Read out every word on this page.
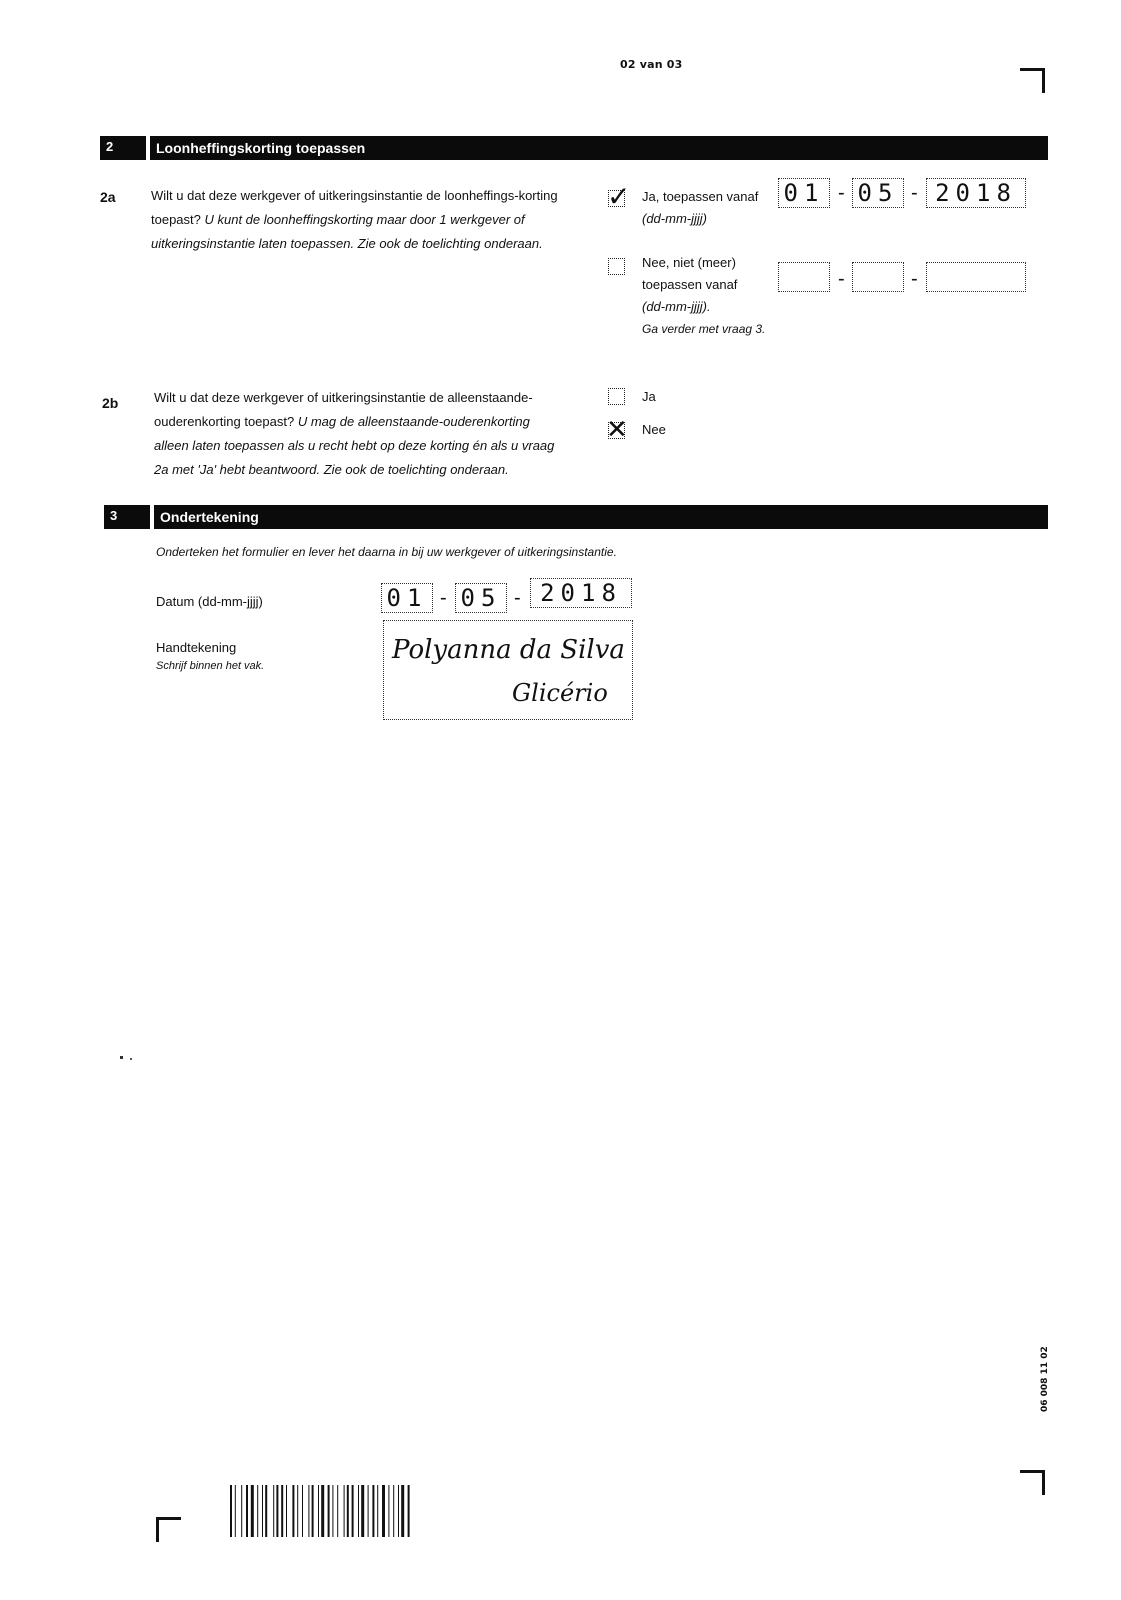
02 van 03
2	Loonheffingskorting toepassen
2a	Wilt u dat deze werkgever of uitkeringsinstantie de loonheffings-korting toepast? U kunt de loonheffingskorting maar door 1 werkgever of uitkeringsinstantie laten toepassen. Zie ook de toelichting onderaan.
✓ Ja, toepassen vanaf
(dd-mm-jjjj)
01 - 05 - 2018
Nee, niet (meer) toepassen vanaf
(dd-mm-jjjj).
Ga verder met vraag 3.
-	-
2b	Wilt u dat deze werkgever of uitkeringsinstantie de alleenstaande-ouderenkorting toepast? U mag de alleenstaande-ouderenkorting alleen laten toepassen als u recht hebt op deze korting én als u vraag 2a met 'Ja' hebt beantwoord. Zie ook de toelichting onderaan.
Ja
✕ Nee
3	Ondertekening
Onderteken het formulier en lever het daarna in bij uw werkgever of uitkeringsinstantie.
Datum (dd-mm-jjjj)	01 - 05 - 2018
Handtekening
Schrijf binnen het vak.
Polyanna da Silva
Glicério
06 008 11 02
